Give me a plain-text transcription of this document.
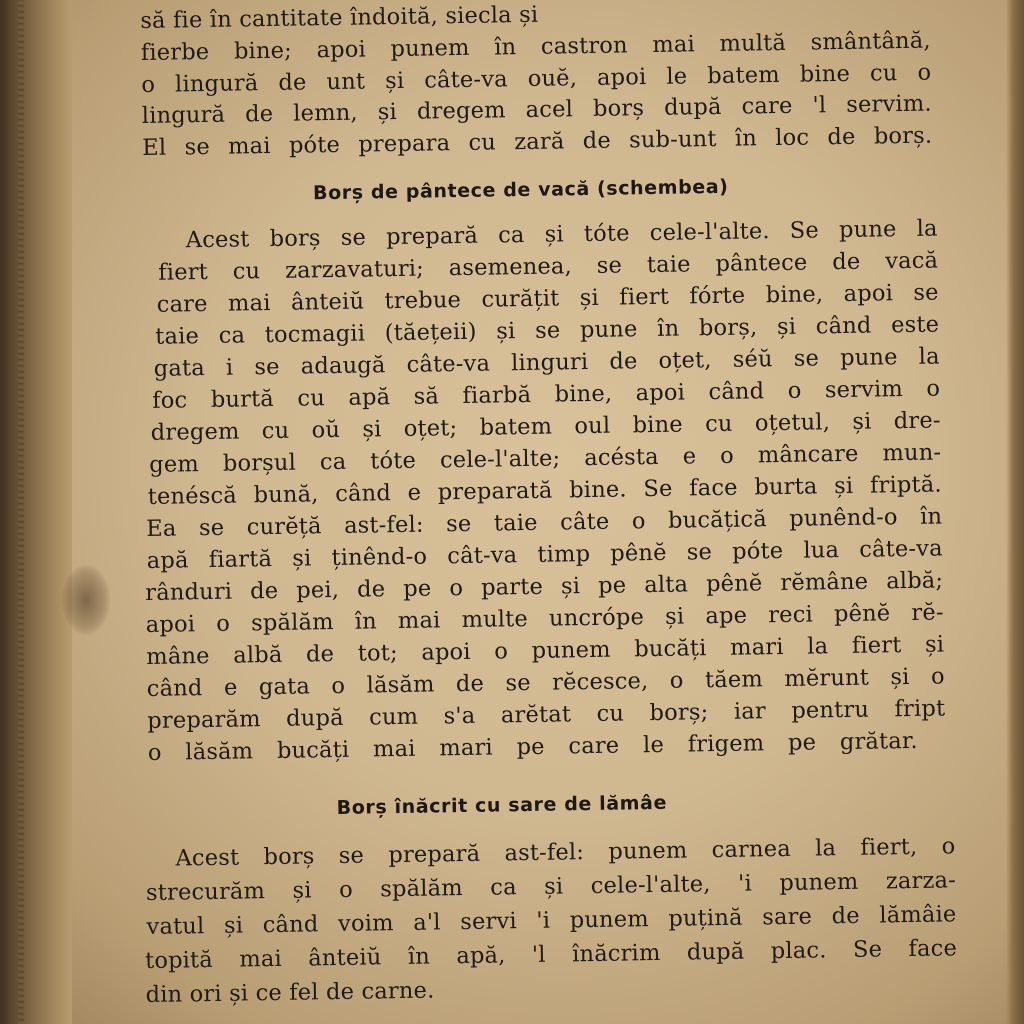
să fie în cantitate îndoită, siecla și
fierbe bine; apoi punem în castron mai multă smântână,
o lingură de unt și câte-va ouĕ, apoi le batem bine cu o
lingură de lemn, și dregem acel borș după care 'l servim.
El se mai póte prepara cu zară de sub-unt în loc de borș.
Borș de pântece de vacă (schembea)
Acest borș se prepară ca și tóte cele-l'alte. Se pune la
fiert cu zarzavaturi; asemenea, se taie pântece de vacă
care mai ânteiŭ trebue curățit și fiert fórte bine, apoi se
taie ca tocmagii (tăețeii) și se pune în borș, și când este
gata i se adaugă câte-va linguri de oțet, séŭ se pune la
foc burtă cu apă să fiarbă bine, apoi când o servim o
dregem cu oŭ și oțet; batem oul bine cu oțetul, și dre-
gem borșul ca tóte cele-l'alte; acésta e o mâncare mun-
tenéscă bună, când e preparată bine. Se face burta și friptă.
Ea se curĕță ast-fel: se taie câte o bucățică punênd-o în
apă fiartă și ținênd-o cât-va timp pênĕ se póte lua câte-va
rânduri de pei, de pe o parte și pe alta pênĕ rĕmâne albă;
apoi o spălăm în mai multe uncrópe și ape reci pênĕ rĕ-
mâne albă de tot; apoi o punem bucăți mari la fiert și
când e gata o lăsăm de se rĕcesce, o tăem mĕrunt și o
preparăm după cum s'a arĕtat cu borș; iar pentru fript
o lăsăm bucăți mai mari pe care le frigem pe grătar.
Borș înăcrit cu sare de lămâe
Acest borș se prepară ast-fel: punem carnea la fiert, o
strecurăm și o spălăm ca și cele-l'alte, 'i punem zarza-
vatul și când voim a'l servi 'i punem puțină sare de lămâie
topită mai ânteiŭ în apă, 'l înăcrim după plac. Se face
din ori și ce fel de carne.
